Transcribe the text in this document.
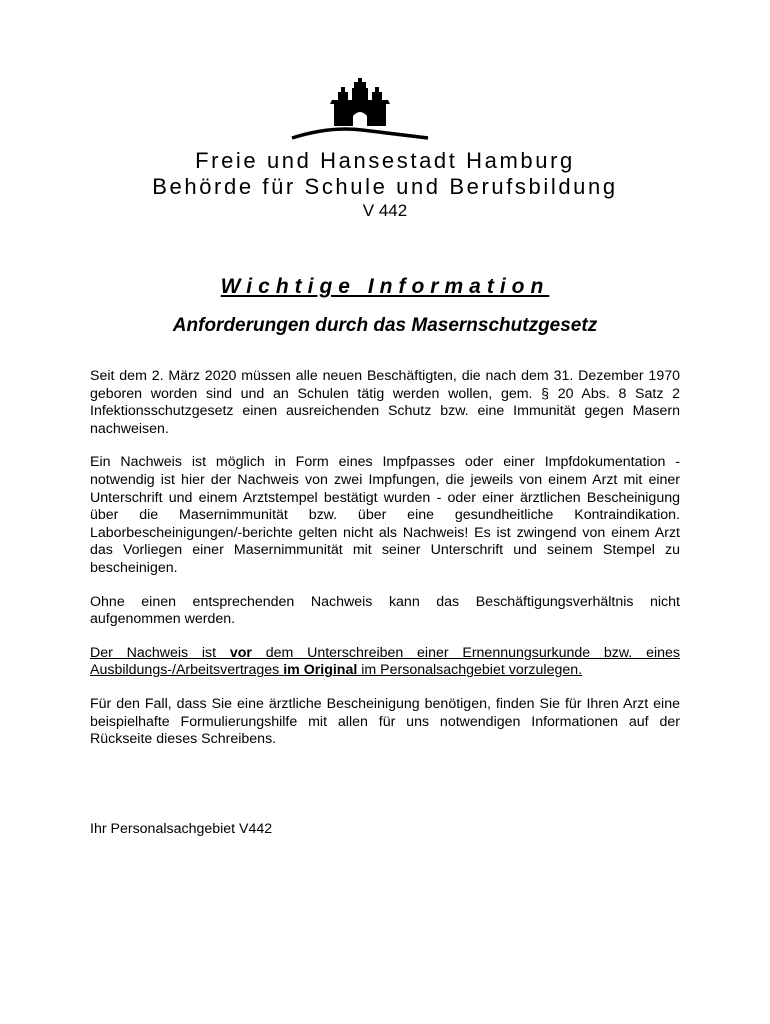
Freie und Hansestadt Hamburg
Behörde für Schule und Berufsbildung
V 442
Wichtige Information
Anforderungen durch das Masernschutzgesetz

Seit dem 2. März 2020 müssen alle neuen Beschäftigten, die nach dem 31. Dezember 1970 geboren worden sind und an Schulen tätig werden wollen, gem. § 20 Abs. 8 Satz 2 Infektionsschutzgesetz einen ausreichenden Schutz bzw. eine Immunität gegen Masern nachweisen.

Ein Nachweis ist möglich in Form eines Impfpasses oder einer Impfdokumentation - notwendig ist hier der Nachweis von zwei Impfungen, die jeweils von einem Arzt mit einer Unterschrift und einem Arztstempel bestätigt wurden - oder einer ärztlichen Bescheinigung über die Masernimmunität bzw. über eine gesundheitliche Kontraindikation. Laborbescheinigungen/-berichte gelten nicht als Nachweis! Es ist zwingend von einem Arzt das Vorliegen einer Masernimmunität mit seiner Unterschrift und seinem Stempel zu bescheinigen.

Ohne einen entsprechenden Nachweis kann das Beschäftigungsverhältnis nicht aufgenommen werden.

Der Nachweis ist vor dem Unterschreiben einer Ernennungsurkunde bzw. eines Ausbildungs-/Arbeitsvertrages im Original im Personalsachgebiet vorzulegen.

Für den Fall, dass Sie eine ärztliche Bescheinigung benötigen, finden Sie für Ihren Arzt eine beispielhafte Formulierungshilfe mit allen für uns notwendigen Informationen auf der Rückseite dieses Schreibens.

Ihr Personalsachgebiet V442
